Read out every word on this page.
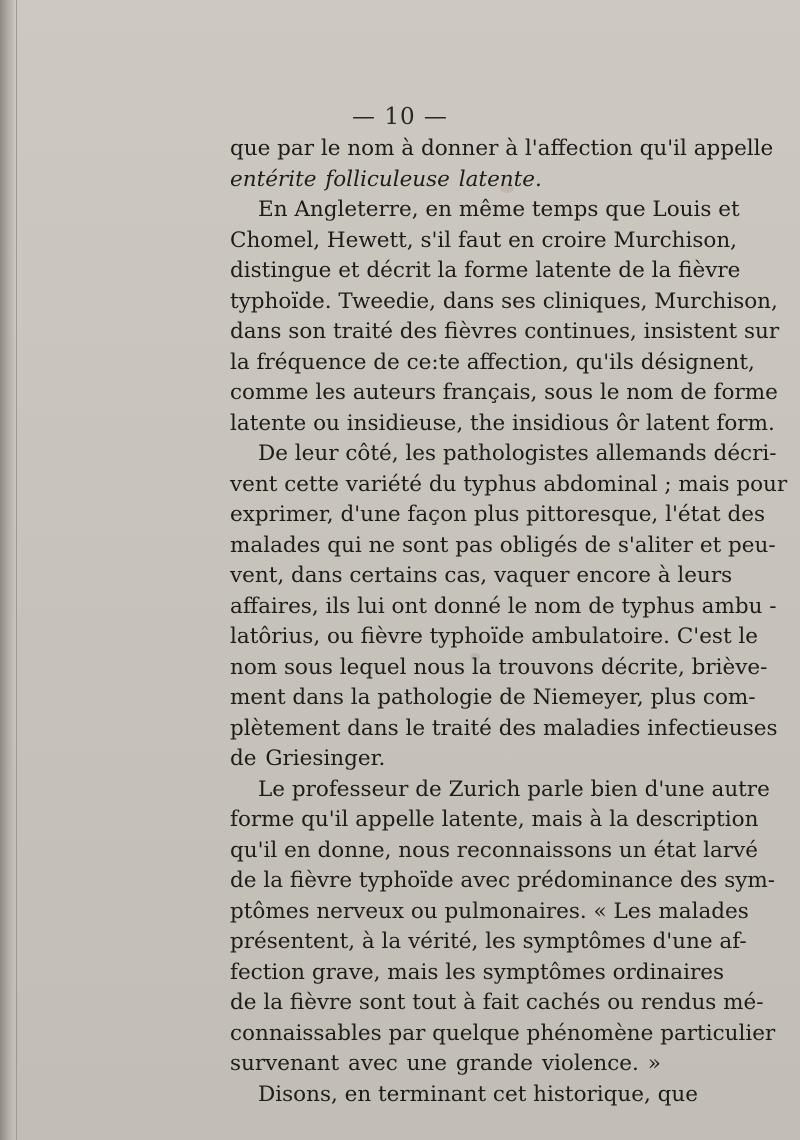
— 10 —
que par le nom à donner à l'affection qu'il appelle
entérite folliculeuse latente.
En Angleterre, en même temps que Louis et
Chomel, Hewett, s'il faut en croire Murchison,
distingue et décrit la forme latente de la fièvre
typhoïde. Tweedie, dans ses cliniques, Murchison,
dans son traité des fièvres continues, insistent sur
la fréquence de ce:te affection, qu'ils désignent,
comme les auteurs français, sous le nom de forme
latente ou insidieuse, the insidious ôr latent form.
De leur côté, les pathologistes allemands décri-
vent cette variété du typhus abdominal ; mais pour
exprimer, d'une façon plus pittoresque, l'état des
malades qui ne sont pas obligés de s'aliter et peu-
vent, dans certains cas, vaquer encore à leurs
affaires, ils lui ont donné le nom de typhus ambu -
latôrius, ou fièvre typhoïde ambulatoire. C'est le
nom sous lequel nous la trouvons décrite, briève-
ment dans la pathologie de Niemeyer, plus com-
plètement dans le traité des maladies infectieuses
de Griesinger.
Le professeur de Zurich parle bien d'une autre
forme qu'il appelle latente, mais à la description
qu'il en donne, nous reconnaissons un état larvé
de la fièvre typhoïde avec prédominance des sym-
ptômes nerveux ou pulmonaires. « Les malades
présentent, à la vérité, les symptômes d'une af-
fection grave, mais les symptômes ordinaires
de la fièvre sont tout à fait cachés ou rendus mé-
connaissables par quelque phénomène particulier
survenant avec une grande violence. »
Disons, en terminant cet historique, que
